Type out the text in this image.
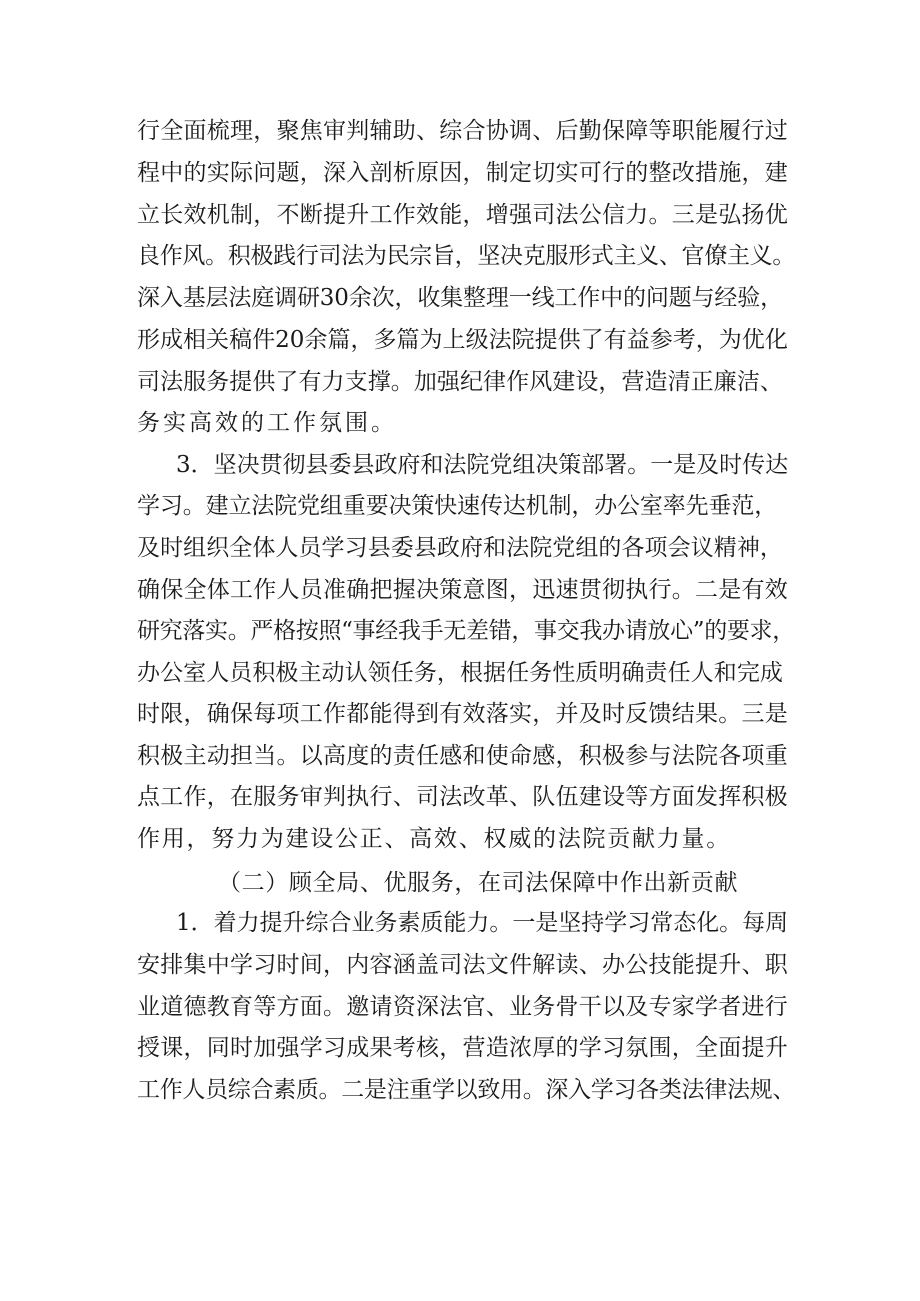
行全面梳理，聚焦审判辅助、综合协调、后勤保障等职能履行过
程中的实际问题，深入剖析原因，制定切实可行的整改措施，建
立长效机制，不断提升工作效能，增强司法公信力。三是弘扬优
良作风。积极践行司法为民宗旨，坚决克服形式主义、官僚主义。
深入基层法庭调研30余次，收集整理一线工作中的问题与经验，
形成相关稿件20余篇，多篇为上级法院提供了有益参考，为优化
司法服务提供了有力支撑。加强纪律作风建设，营造清正廉洁、
务实高效的工作氛围。
3．坚决贯彻县委县政府和法院党组决策部署。一是及时传达
学习。建立法院党组重要决策快速传达机制，办公室率先垂范，
及时组织全体人员学习县委县政府和法院党组的各项会议精神，
确保全体工作人员准确把握决策意图，迅速贯彻执行。二是有效
研究落实。严格按照“事经我手无差错，事交我办请放心”的要求，
办公室人员积极主动认领任务，根据任务性质明确责任人和完成
时限，确保每项工作都能得到有效落实，并及时反馈结果。三是
积极主动担当。以高度的责任感和使命感，积极参与法院各项重
点工作，在服务审判执行、司法改革、队伍建设等方面发挥积极
作用，努力为建设公正、高效、权威的法院贡献力量。
（二）顾全局、优服务，在司法保障中作出新贡献
1．着力提升综合业务素质能力。一是坚持学习常态化。每周
安排集中学习时间，内容涵盖司法文件解读、办公技能提升、职
业道德教育等方面。邀请资深法官、业务骨干以及专家学者进行
授课，同时加强学习成果考核，营造浓厚的学习氛围，全面提升
工作人员综合素质。二是注重学以致用。深入学习各类法律法规、
